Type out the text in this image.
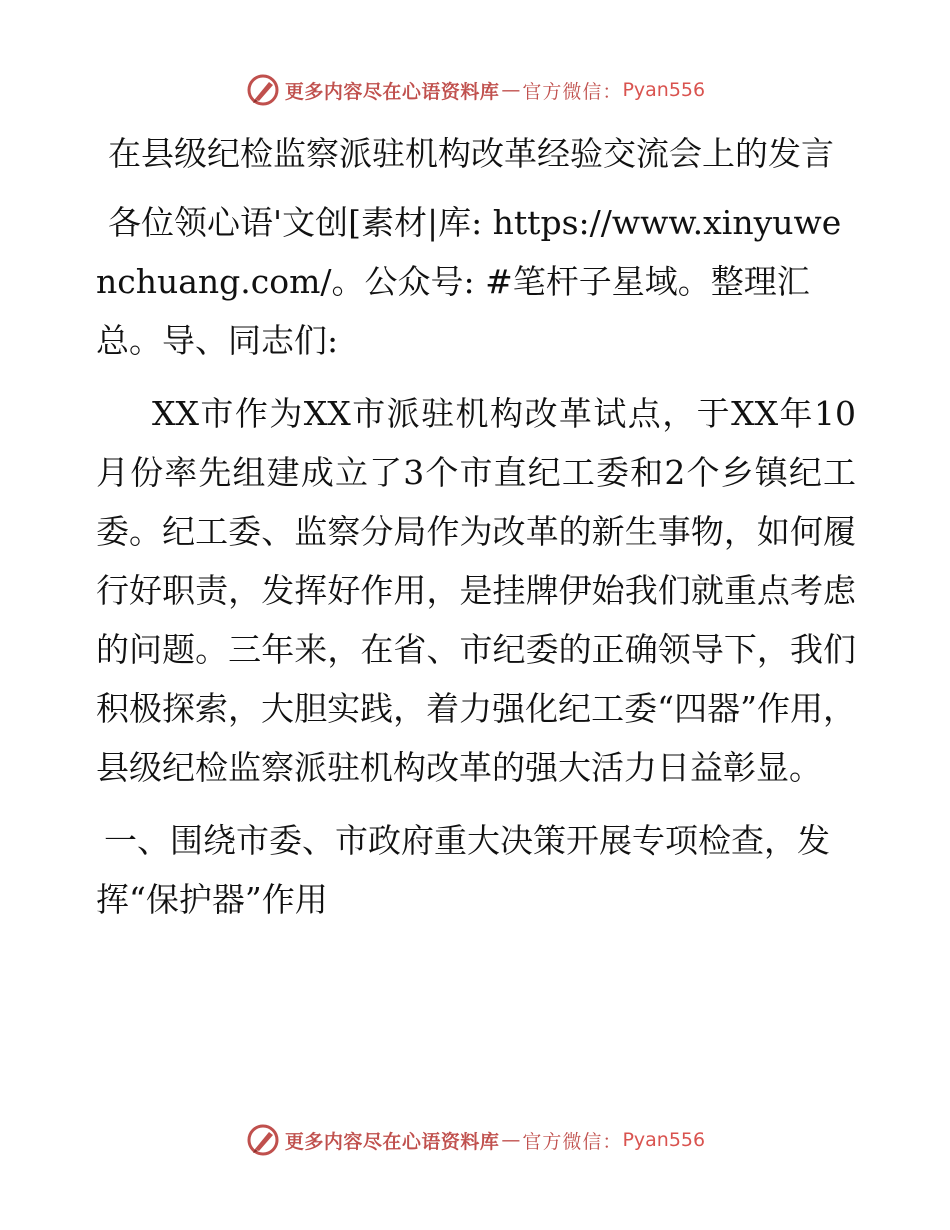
更多内容尽在心语资料库 — 官方微信： Pyan556

在县级纪检监察派驻机构改革经验交流会上的发言

各位领心语'文创[素材|库: https://www.xinyuwenchuang.com/。公众号: #笔杆子星域。整理汇总。导、同志们:

XX市作为XX市派驻机构改革试点，于XX年10月份率先组建成立了3个市直纪工委和2个乡镇纪工委。纪工委、监察分局作为改革的新生事物，如何履行好职责，发挥好作用，是挂牌伊始我们就重点考虑的问题。三年来，在省、市纪委的正确领导下，我们积极探索，大胆实践，着力强化纪工委“四器”作用，县级纪检监察派驻机构改革的强大活力日益彰显。

一、围绕市委、市政府重大决策开展专项检查，发挥“保护器”作用

更多内容尽在心语资料库 — 官方微信： Pyan556
